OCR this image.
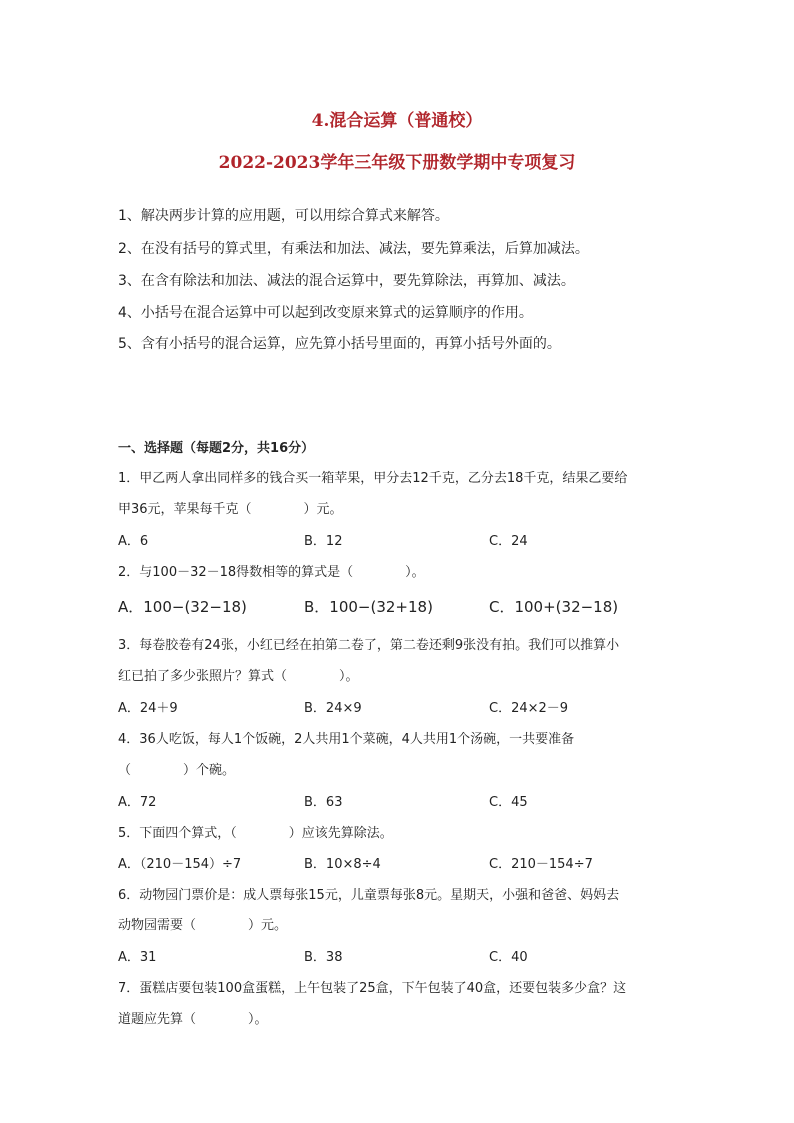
4.混合运算（普通校）
2022-2023学年三年级下册数学期中专项复习
1、解决两步计算的应用题，可以用综合算式来解答。
2、在没有括号的算式里，有乘法和加法、减法，要先算乘法，后算加减法。
3、在含有除法和加法、减法的混合运算中，要先算除法，再算加、减法。
4、小括号在混合运算中可以起到改变原来算式的运算顺序的作用。
5、含有小括号的混合运算，应先算小括号里面的，再算小括号外面的。
一、选择题（每题2分，共16分）
1．甲乙两人拿出同样多的钱合买一箱苹果，甲分去12千克，乙分去18千克，结果乙要给
甲36元，苹果每千克（	）元。
A．6	B．12	C．24
2．与100－32－18得数相等的算式是（	）。
A．100−(32−18)	B．100−(32+18)	C．100+(32−18)
3．每卷胶卷有24张，小红已经在拍第二卷了，第二卷还剩9张没有拍。我们可以推算小
红已拍了多少张照片？算式（	）。
A．24＋9	B．24×9	C．24×2－9
4．36人吃饭，每人1个饭碗，2人共用1个菜碗，4人共用1个汤碗，一共要准备
（	）个碗。
A．72	B．63	C．45
5．下面四个算式，（	）应该先算除法。
A．（210－154）÷7	B．10×8÷4	C．210－154÷7
6．动物园门票价是：成人票每张15元，儿童票每张8元。星期天，小强和爸爸、妈妈去
动物园需要（	）元。
A．31	B．38	C．40
7．蛋糕店要包装100盒蛋糕，上午包装了25盒，下午包装了40盒，还要包装多少盒？这
道题应先算（	）。
